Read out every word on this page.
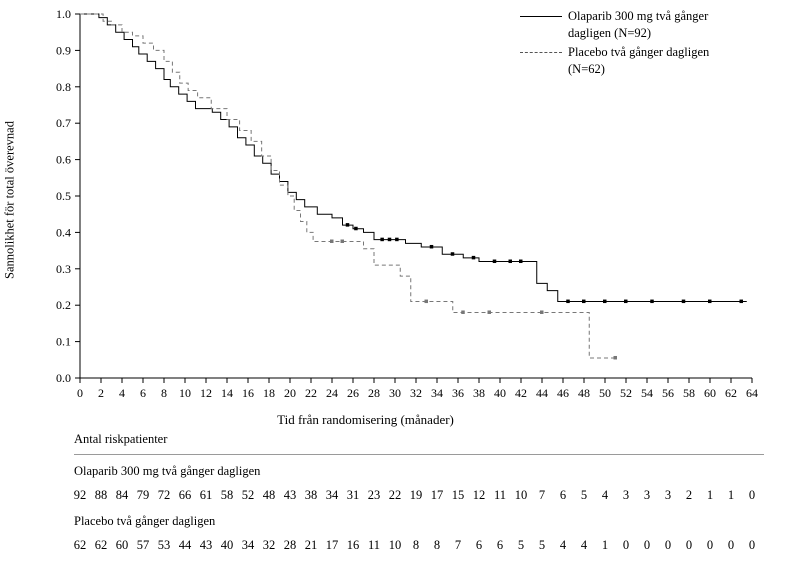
Sannolikhet för total överevnad
0.0
0.1
0.2
0.3
0.4
0.5
0.6
0.7
0.8
0.9
1.0
0 2 4 6 8 10 12 14 16 18 20 22 24 26 28 30 32 34 36 38 40 42 44 46 48 50 52 54 56 58 60 62 64
Olaparib 300 mg två gånger
dagligen (N=92)
Placebo två gånger dagligen
(N=62)
Tid från randomisering (månader)
Antal riskpatienter
Olaparib 300 mg två gånger dagligen
92 88 84 79 72 66 61 58 52 48 43 38 34 31 23 22 19 17 15 12 11 10 7 6 5 4 3 3 3 2 1 1 0
Placebo två gånger dagligen
62 62 60 57 53 44 43 40 34 32 28 21 17 16 11 10 8 8 7 6 6 5 5 4 4 1 0 0 0 0 0 0 0
